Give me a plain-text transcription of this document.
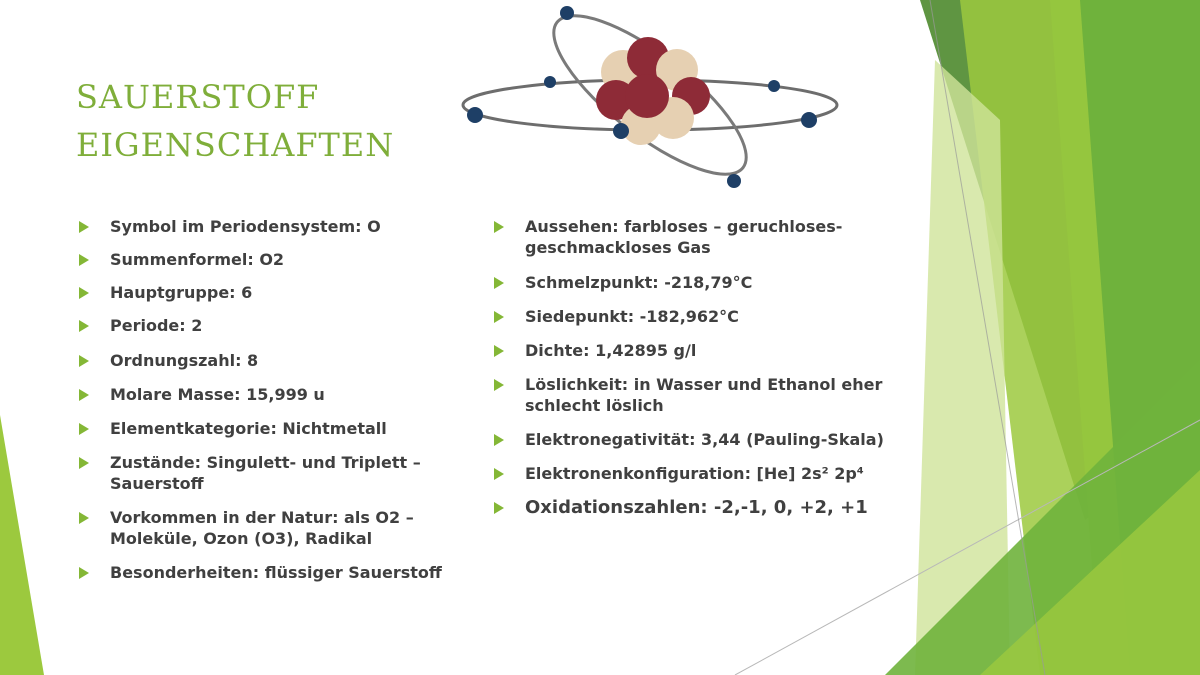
sauerstoff
eigenschaften
Symbol im Periodensystem: O
Summenformel: O2
Hauptgruppe: 6
Periode: 2
Ordnungszahl: 8
Molare Masse: 15,999 u
Elementkategorie: Nichtmetall
Zustände: Singulett- und Triplett – Sauerstoff
Vorkommen in der Natur: als O2 – Moleküle, Ozon (O3), Radikal
Besonderheiten: flüssiger Sauerstoff
Aussehen: farbloses – geruchloses- geschmackloses Gas
Schmelzpunkt: -218,79°C
Siedepunkt: -182,962°C
Dichte: 1,42895 g/l
Löslichkeit: in Wasser und Ethanol eher schlecht löslich
Elektronegativität: 3,44 (Pauling-Skala)
Elektronenkonfiguration: [He] 2s² 2p⁴
Oxidationszahlen: -2,-1, 0, +2, +1
